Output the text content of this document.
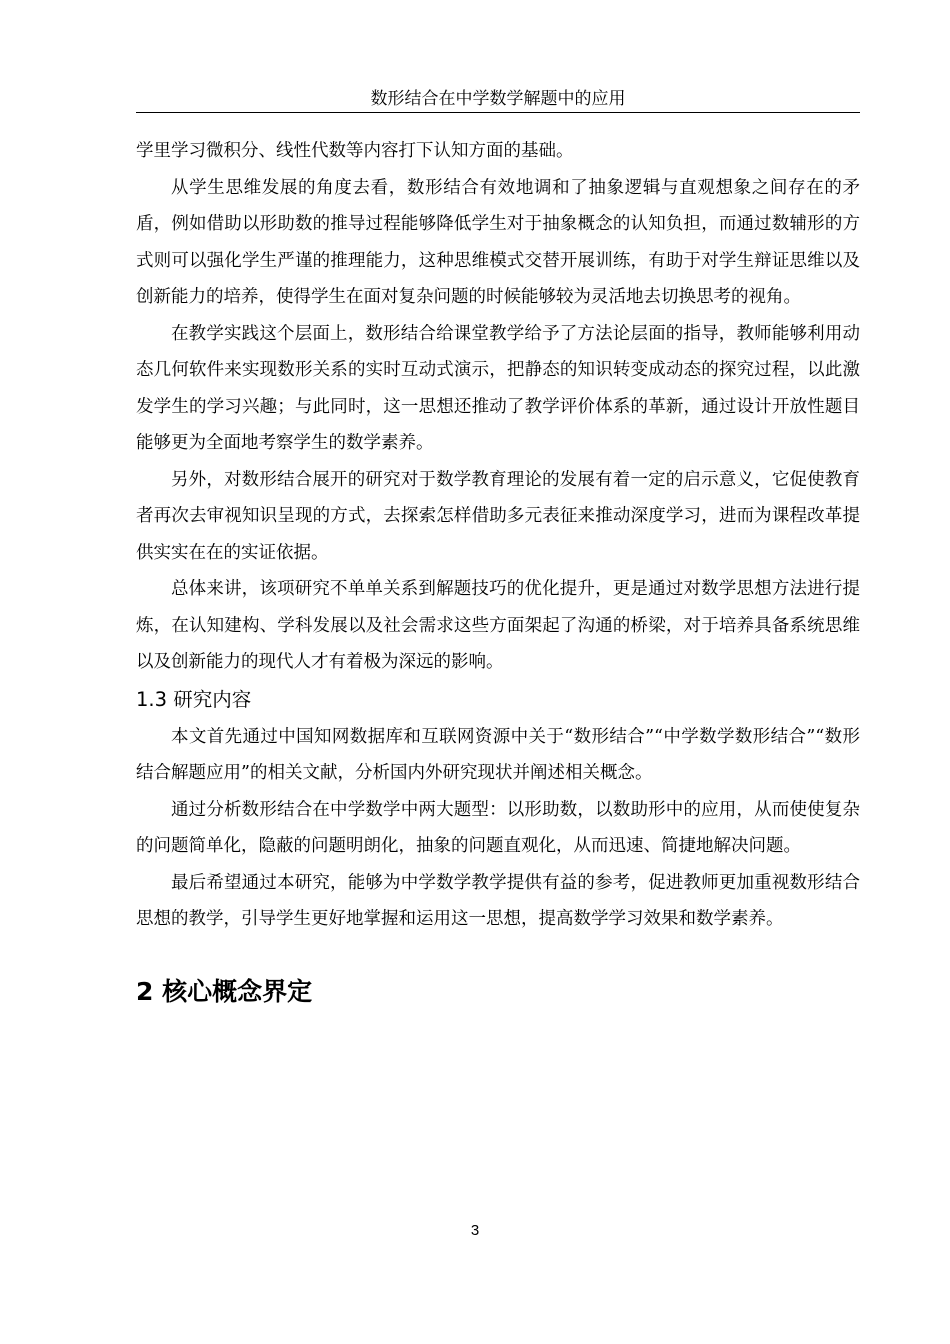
数形结合在中学数学解题中的应用

学里学习微积分、线性代数等内容打下认知方面的基础。

从学生思维发展的角度去看，数形结合有效地调和了抽象逻辑与直观想象之间存在的矛盾，例如借助以形助数的推导过程能够降低学生对于抽象概念的认知负担，而通过数辅形的方式则可以强化学生严谨的推理能力，这种思维模式交替开展训练，有助于对学生辩证思维以及创新能力的培养，使得学生在面对复杂问题的时候能够较为灵活地去切换思考的视角。

在教学实践这个层面上，数形结合给课堂教学给予了方法论层面的指导，教师能够利用动态几何软件来实现数形关系的实时互动式演示，把静态的知识转变成动态的探究过程，以此激发学生的学习兴趣；与此同时，这一思想还推动了教学评价体系的革新，通过设计开放性题目能够更为全面地考察学生的数学素养。

另外，对数形结合展开的研究对于数学教育理论的发展有着一定的启示意义，它促使教育者再次去审视知识呈现的方式，去探索怎样借助多元表征来推动深度学习，进而为课程改革提供实实在在的实证依据。

总体来讲，该项研究不单单关系到解题技巧的优化提升，更是通过对数学思想方法进行提炼，在认知建构、学科发展以及社会需求这些方面架起了沟通的桥梁，对于培养具备系统思维以及创新能力的现代人才有着极为深远的影响。

1.3 研究内容

本文首先通过中国知网数据库和互联网资源中关于“数形结合”“中学数学数形结合”“数形结合解题应用”的相关文献，分析国内外研究现状并阐述相关概念。

通过分析数形结合在中学数学中两大题型：以形助数，以数助形中的应用，从而使使复杂的问题简单化，隐蔽的问题明朗化，抽象的问题直观化，从而迅速、简捷地解决问题。

最后希望通过本研究，能够为中学数学教学提供有益的参考，促进教师更加重视数形结合思想的教学，引导学生更好地掌握和运用这一思想，提高数学学习效果和数学素养。

2 核心概念界定
3
